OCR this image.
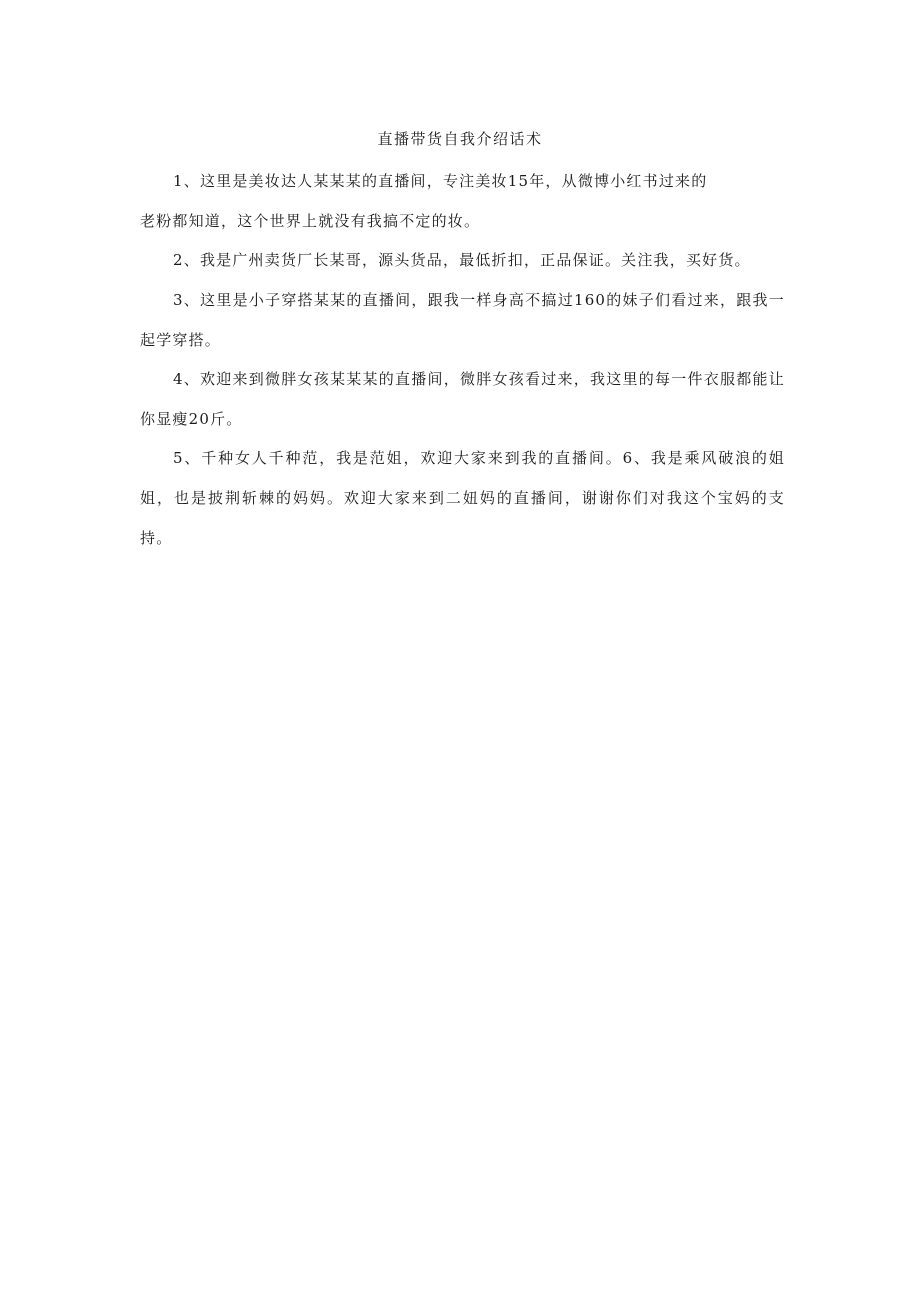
直播带货自我介绍话术

1、这里是美妆达人某某某的直播间，专注美妆15年，从微博小红书过来的
老粉都知道，这个世界上就没有我搞不定的妆。

2、我是广州卖货厂长某哥，源头货品，最低折扣，正品保证。关注我，买好货。

3、这里是小子穿搭某某的直播间，跟我一样身高不搞过160的妹子们看过来，跟我一起学穿搭。

4、欢迎来到微胖女孩某某某的直播间，微胖女孩看过来，我这里的每一件衣服都能让你显瘦20斤。

5、千种女人千种范，我是范姐，欢迎大家来到我的直播间。6、我是乘风破浪的姐姐，也是披荆斩棘的妈妈。欢迎大家来到二妞妈的直播间，谢谢你们对我这个宝妈的支持。
